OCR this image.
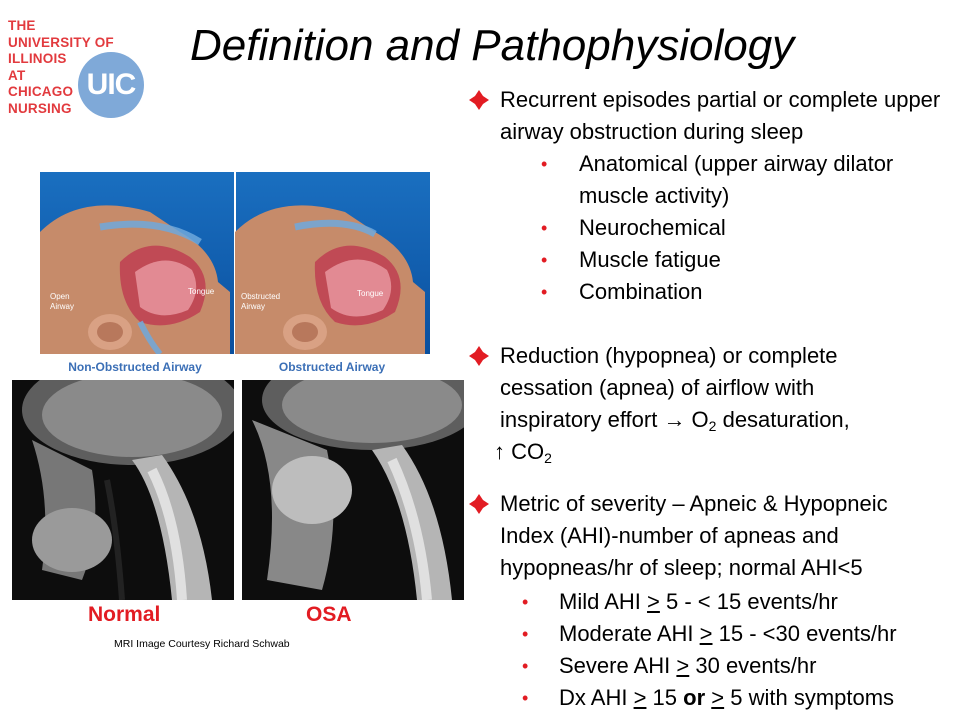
THE
UNIVERSITY OF
ILLINOIS
AT
CHICAGO
NURSING
UIC
Definition and Pathophysiology
Open
Airway
Tongue
Obstructed
Airway
Tongue
Non-Obstructed Airway	Obstructed Airway
Normal	OSA
MRI Image Courtesy Richard Schwab
Recurrent episodes partial or complete upper airway obstruction during sleep
• Anatomical (upper airway dilator
muscle activity)
• Neurochemical
• Muscle fatigue
• Combination
Reduction (hypopnea) or complete
cessation (apnea) of airflow with
inspiratory effort → $O_2$ desaturation,
↑ $CO_2$
Metric of severity – Apneic & Hypopneic
Index (AHI)-number of apneas and
hypopneas/hr of sleep; normal AHI<5
• Mild AHI > 5 - < 15 events/hr
• Moderate AHI > 15 - <30 events/hr
• Severe AHI > 30 events/hr
• Dx AHI > 15 or > 5 with symptoms
